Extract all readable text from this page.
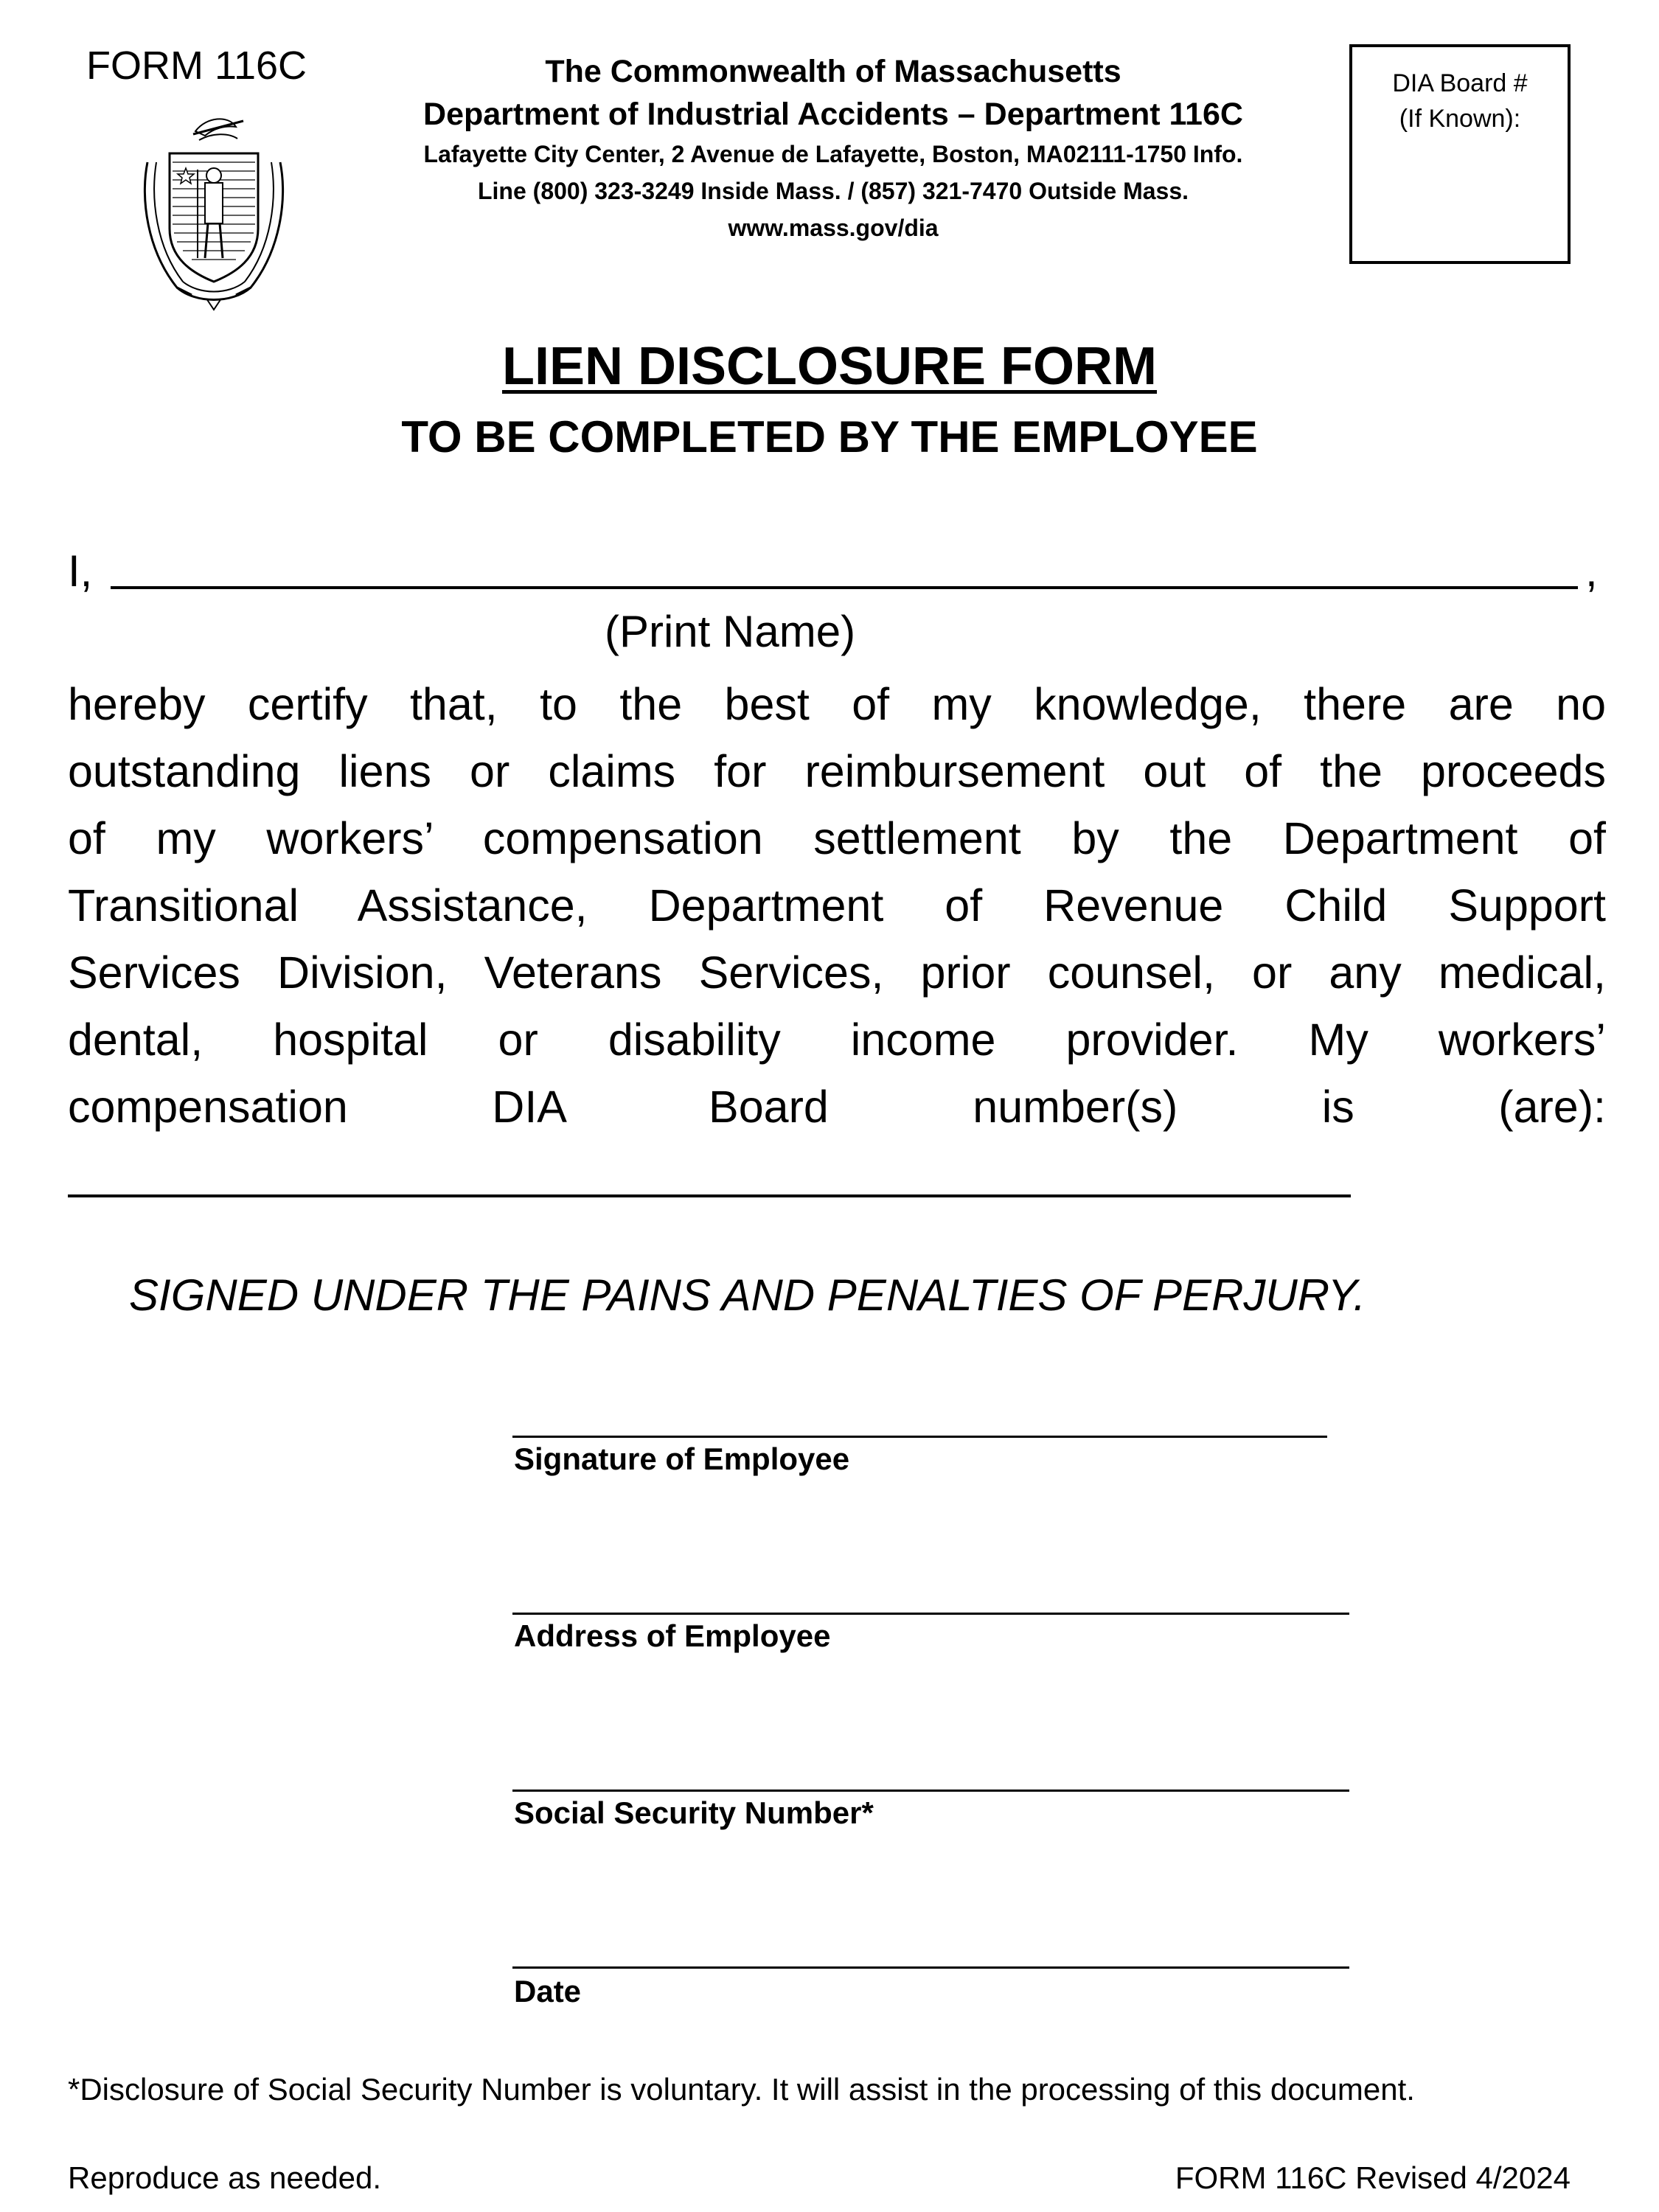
FORM 116C	The Commonwealth of Massachusetts
Department of Industrial Accidents – Department 116C
Lafayette City Center, 2 Avenue de Lafayette, Boston, MA02111-1750 Info.
Line (800) 323-3249 Inside Mass. / (857) 321-7470 Outside Mass.
www.mass.gov/dia
DIA Board #
(If Known):
LIEN DISCLOSURE FORM
TO BE COMPLETED BY THE EMPLOYEE
I,	,
(Print Name)
hereby certify that, to the best of my knowledge, there are no
outstanding liens or claims for reimbursement out of the proceeds
of my workers’ compensation settlement by the Department of
Transitional Assistance, Department of Revenue Child Support
Services Division, Veterans Services, prior counsel, or any medical,
dental, hospital or disability income provider. My workers’
compensation DIA Board number(s) is (are):
SIGNED UNDER THE PAINS AND PENALTIES OF PERJURY.
Signature of Employee
Address of Employee
Social Security Number*
Date
*Disclosure of Social Security Number is voluntary. It will assist in the processing of this document.
Reproduce as needed.	FORM 116C Revised 4/2024
